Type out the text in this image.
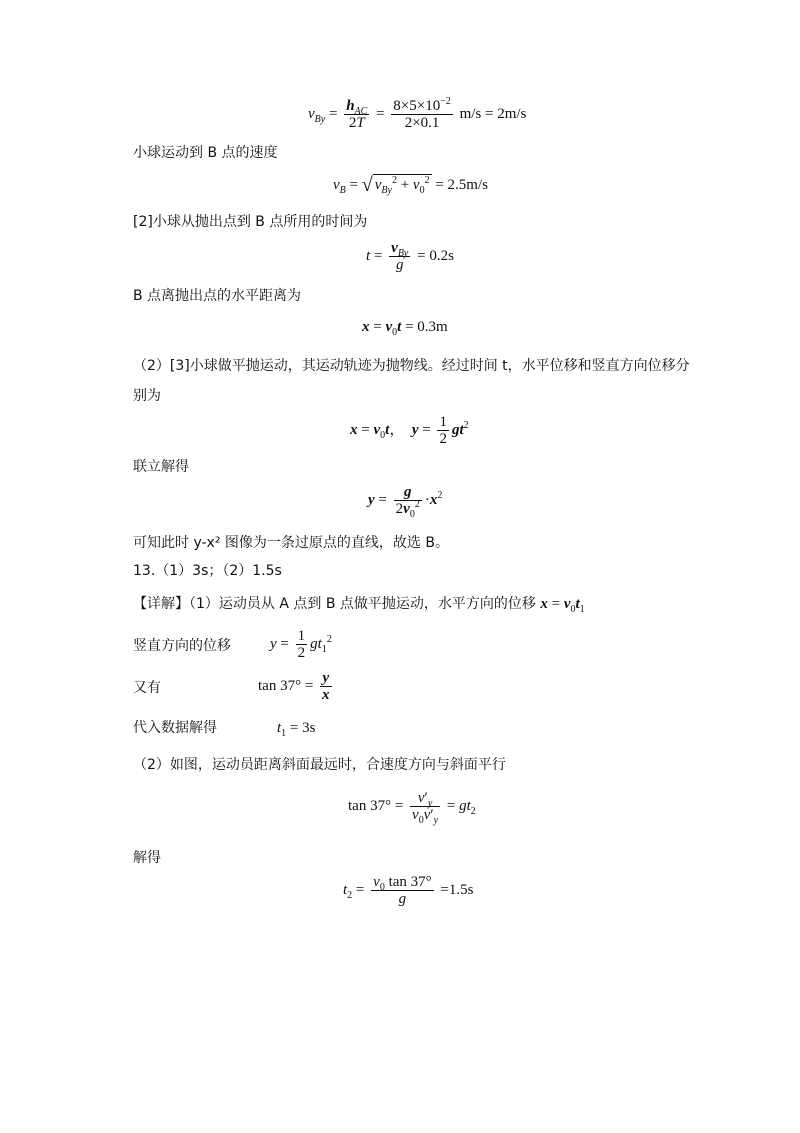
$v_{By} = \frac{h_{AC}}{2T} = \frac{8\times 5\times 10^{-2}}{2\times 0.1} m/s = 2m/s$
小球运动到 B 点的速度
$v_B$ = √ $v_{By}^2 + v_0^2 = 2.5m/s$
[2]小球从抛出点到 B 点所用的时间为
$t = \frac{v_{By}}{g} = 0.2s$
B 点离抛出点的水平距离为
$x = v_0t = 0.3m$
（2）[3]小球做平抛运动，其运动轨迹为抛物线。经过时间 t，水平位移和竖直方向位移分
别为
$x = v_0t$，  $y = \frac{1}{2} gt^2$
联立解得
$y = \frac{g}{2v_0^2} \cdot x^2$
可知此时 y-x² 图像为一条过原点的直线，故选 B。
13.（1）3s；（2）1.5s
【详解】（1）运动员从 A 点到 B 点做平抛运动，水平方向的位移 $x = v_0t_1$
竖直方向的位移	$y = \frac{1}{2} gt_1^2$
又有	$\tan 37^\circ = \frac{y}{x}$
代入数据解得	$t_1 = 3s$
（2）如图，运动员距离斜面最远时，合速度方向与斜面平行
$\tan 37^\circ = \frac{v'_y}{v_0v'_y} = gt_2$
解得
$t_2 = \frac{v_0 \tan 37^\circ}{g} =1.5s$
